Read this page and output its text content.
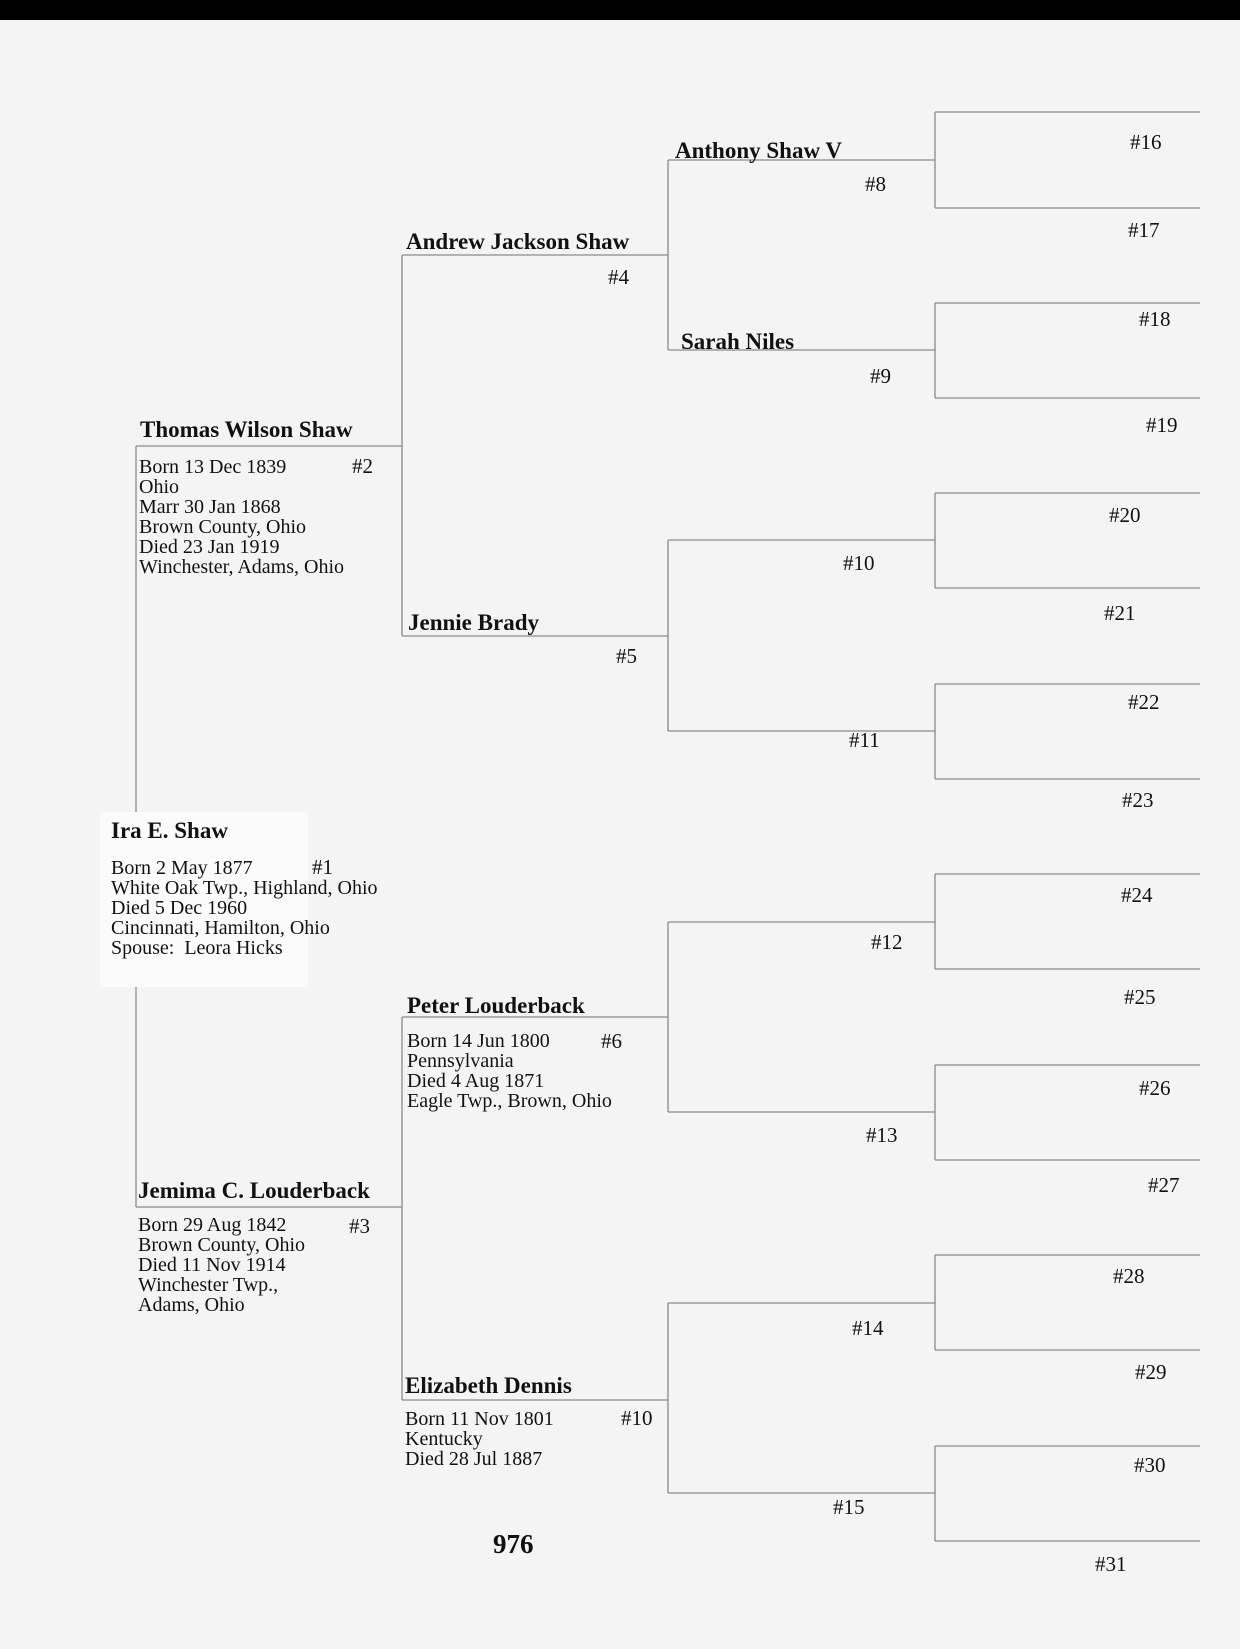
Ira E. Shaw
#1
Born 2 May 1877
White Oak Twp., Highland, Ohio
Died 5 Dec 1960
Cincinnati, Hamilton, Ohio
Spouse:  Leora Hicks
Thomas Wilson Shaw
#2
Born 13 Dec 1839
Ohio
Marr 30 Jan 1868
Brown County, Ohio
Died 23 Jan 1919
Winchester, Adams, Ohio
Jemima C. Louderback
#3
Born 29 Aug 1842
Brown County, Ohio
Died 11 Nov 1914
Winchester Twp.,
Adams, Ohio
Andrew Jackson Shaw
#4
Jennie Brady
#5
Peter Louderback
#6
Born 14 Jun 1800
Pennsylvania
Died 4 Aug 1871
Eagle Twp., Brown, Ohio
Elizabeth Dennis
#10
Born 11 Nov 1801
Kentucky
Died 28 Jul 1887
Anthony Shaw V
#8
Sarah Niles
#9
#10
#11
#12
#13
#14
#15
#16
#17
#18
#19
#20
#21
#22
#23
#24
#25
#26
#27
#28
#29
#30
#31
976
